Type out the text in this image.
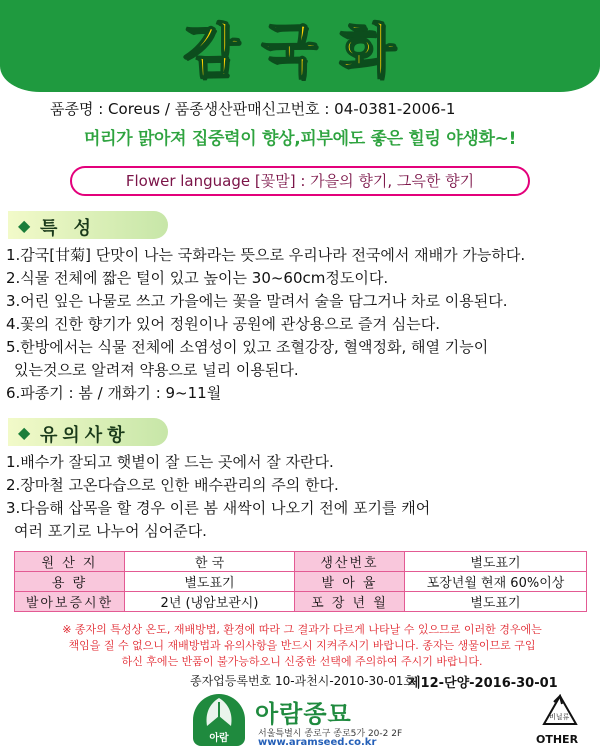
감국화
품종명 : Coreus / 품종생산판매신고번호 : 04-0381-2006-1
머리가 맑아져 집중력이 향상,피부에도 좋은 힐링 야생화~!
Flower language [꽃말] : 가을의 향기, 그윽한 향기
◆ 특 성
1.감국[甘菊] 단맛이 나는 국화라는 뜻으로 우리나라 전국에서 재배가 가능하다.
2.식물 전체에 짧은 털이 있고 높이는 30~60cm정도이다.
3.어린 잎은 나물로 쓰고 가을에는 꽃을 말려서 술을 담그거나 차로 이용된다.
4.꽃의 진한 향기가 있어 정원이나 공원에 관상용으로 즐겨 심는다.
5.한방에서는 식물 전체에 소염성이 있고 조혈강장, 혈액정화, 해열 기능이
있는것으로 알려져 약용으로 널리 이용된다.
6.파종기 : 봄 / 개화기 : 9~11월
◆ 유의사항
1.배수가 잘되고 햇볕이 잘 드는 곳에서 잘 자란다.
2.장마철 고온다습으로 인한 배수관리의 주의 한다.
3.다음해 삽목을 할 경우 이른 봄 새싹이 나오기 전에 포기를 캐어
여러 포기로 나누어 심어준다.
원 산 지	한 국	생산번호	별도표기
용 량	별도표기	발 아 율	포장년월 현재 60%이상
발아보증시한	2년 (냉암보관시)	포 장 년 월	별도표기
※ 종자의 특성상 온도, 재배방법, 환경에 따라 그 결과가 다르게 나타날 수 있으므로 이러한 경우에는
책임을 질 수 없으니 재배방법과 유의사항을 반드시 지켜주시기 바랍니다. 종자는 생물이므로 구입
하신 후에는 반품이 불가능하오니 신중한 선택에 주의하여 주시기 바랍니다.
종자업등록번호 10-과천시-2010-30-01호
제12-단양-2016-30-01
아람
아람종묘
서울특별시 종로구 종로5가 20-2 2F
www.aramseed.co.kr
비닐류
OTHER
